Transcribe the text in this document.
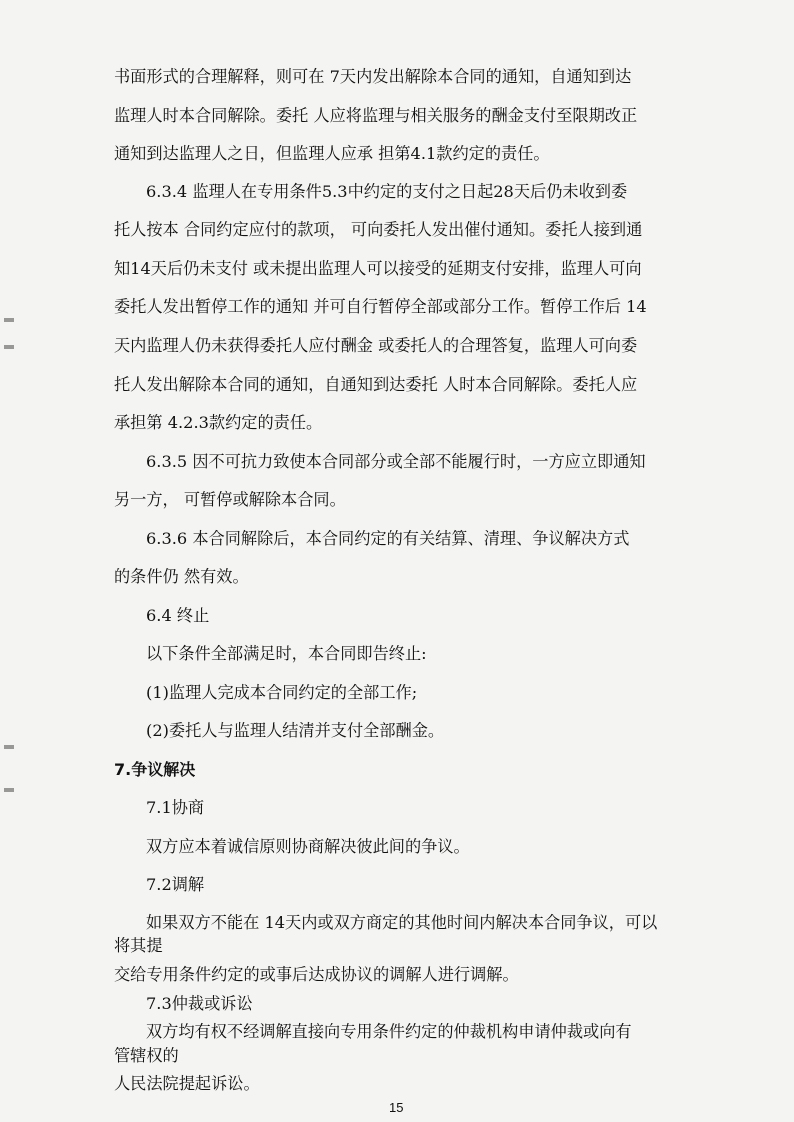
书面形式的合理解释，则可在 7天内发出解除本合同的通知，自通知到达
监理人时本合同解除。委托 人应将监理与相关服务的酬金支付至限期改正
通知到达监理人之日，但监理人应承 担第4.1款约定的责任。
6.3.4 监理人在专用条件5.3中约定的支付之日起28天后仍未收到委
托人按本 合同约定应付的款项， 可向委托人发出催付通知。委托人接到通
知14天后仍未支付 或未提出监理人可以接受的延期支付安排，监理人可向
委托人发出暂停工作的通知 并可自行暂停全部或部分工作。暂停工作后 14
天内监理人仍未获得委托人应付酬金 或委托人的合理答复，监理人可向委
托人发出解除本合同的通知，自通知到达委托 人时本合同解除。委托人应
承担第 4.2.3款约定的责任。
6.3.5 因不可抗力致使本合同部分或全部不能履行时，一方应立即通知
另一方， 可暂停或解除本合同。
6.3.6 本合同解除后，本合同约定的有关结算、清理、争议解决方式
的条件仍 然有效。
6.4 终止
以下条件全部满足时，本合同即告终止:
(1)监理人完成本合同约定的全部工作;
(2)委托人与监理人结清并支付全部酬金。
7.争议解决
7.1协商
双方应本着诚信原则协商解决彼此间的争议。
7.2调解
如果双方不能在 14天内或双方商定的其他时间内解决本合同争议，可以
将其提
交给专用条件约定的或事后达成协议的调解人进行调解。
7.3仲裁或诉讼
双方均有权不经调解直接向专用条件约定的仲裁机构申请仲裁或向有
管辖权的
人民法院提起诉讼。
15
